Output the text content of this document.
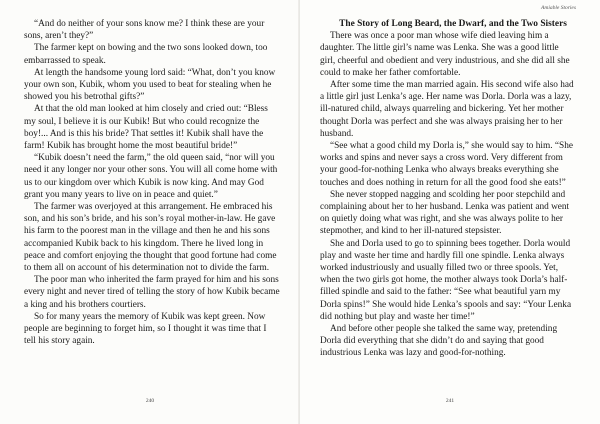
“And do neither of your sons know me? I think these are your sons, aren’t they?”

The farmer kept on bowing and the two sons looked down, too embarrassed to speak.

At length the handsome young lord said: “What, don’t you know your own son, Kubik, whom you used to beat for stealing when he showed you his betrothal gifts?”

At that the old man looked at him closely and cried out: “Bless my soul, I believe it is our Kubik! But who could recognize the boy!... And is this his bride? That settles it! Kubik shall have the farm! Kubik has brought home the most beautiful bride!”

“Kubik doesn’t need the farm,” the old queen said, “nor will you need it any longer nor your other sons. You will all come home with us to our kingdom over which Kubik is now king. And may God grant you many years to live on in peace and quiet.”

The farmer was overjoyed at this arrangement. He embraced his son, and his son’s bride, and his son’s royal mother-in-law. He gave his farm to the poorest man in the village and then he and his sons accompanied Kubik back to his kingdom. There he lived long in peace and comfort enjoying the thought that good fortune had come to them all on account of his determination not to divide the farm.

The poor man who inherited the farm prayed for him and his sons every night and never tired of telling the story of how Kubik became a king and his brothers courtiers.

So for many years the memory of Kubik was kept green. Now people are beginning to forget him, so I thought it was time that I tell his story again.

240
Amiable Stories

The Story of Long Beard, the Dwarf, and the Two Sisters

There was once a poor man whose wife died leaving him a daughter. The little girl’s name was Lenka. She was a good little girl, cheerful and obedient and very industrious, and she did all she could to make her father comfortable.

After some time the man married again. His second wife also had a little girl just Lenka’s age. Her name was Dorla. Dorla was a lazy, ill-natured child, always quarreling and bickering. Yet her mother thought Dorla was perfect and she was always praising her to her husband.

“See what a good child my Dorla is,” she would say to him. “She works and spins and never says a cross word. Very different from your good-for-nothing Lenka who always breaks everything she touches and does nothing in return for all the good food she eats!”

She never stopped nagging and scolding her poor stepchild and complaining about her to her husband. Lenka was patient and went on quietly doing what was right, and she was always polite to her stepmother, and kind to her ill-natured stepsister.

She and Dorla used to go to spinning bees together. Dorla would play and waste her time and hardly fill one spindle. Lenka always worked industriously and usually filled two or three spools. Yet, when the two girls got home, the mother always took Dorla’s half-filled spindle and said to the father: “See what beautiful yarn my Dorla spins!” She would hide Lenka’s spools and say: “Your Lenka did nothing but play and waste her time!”

And before other people she talked the same way, pretending Dorla did everything that she didn’t do and saying that good industrious Lenka was lazy and good-for-nothing.

241
